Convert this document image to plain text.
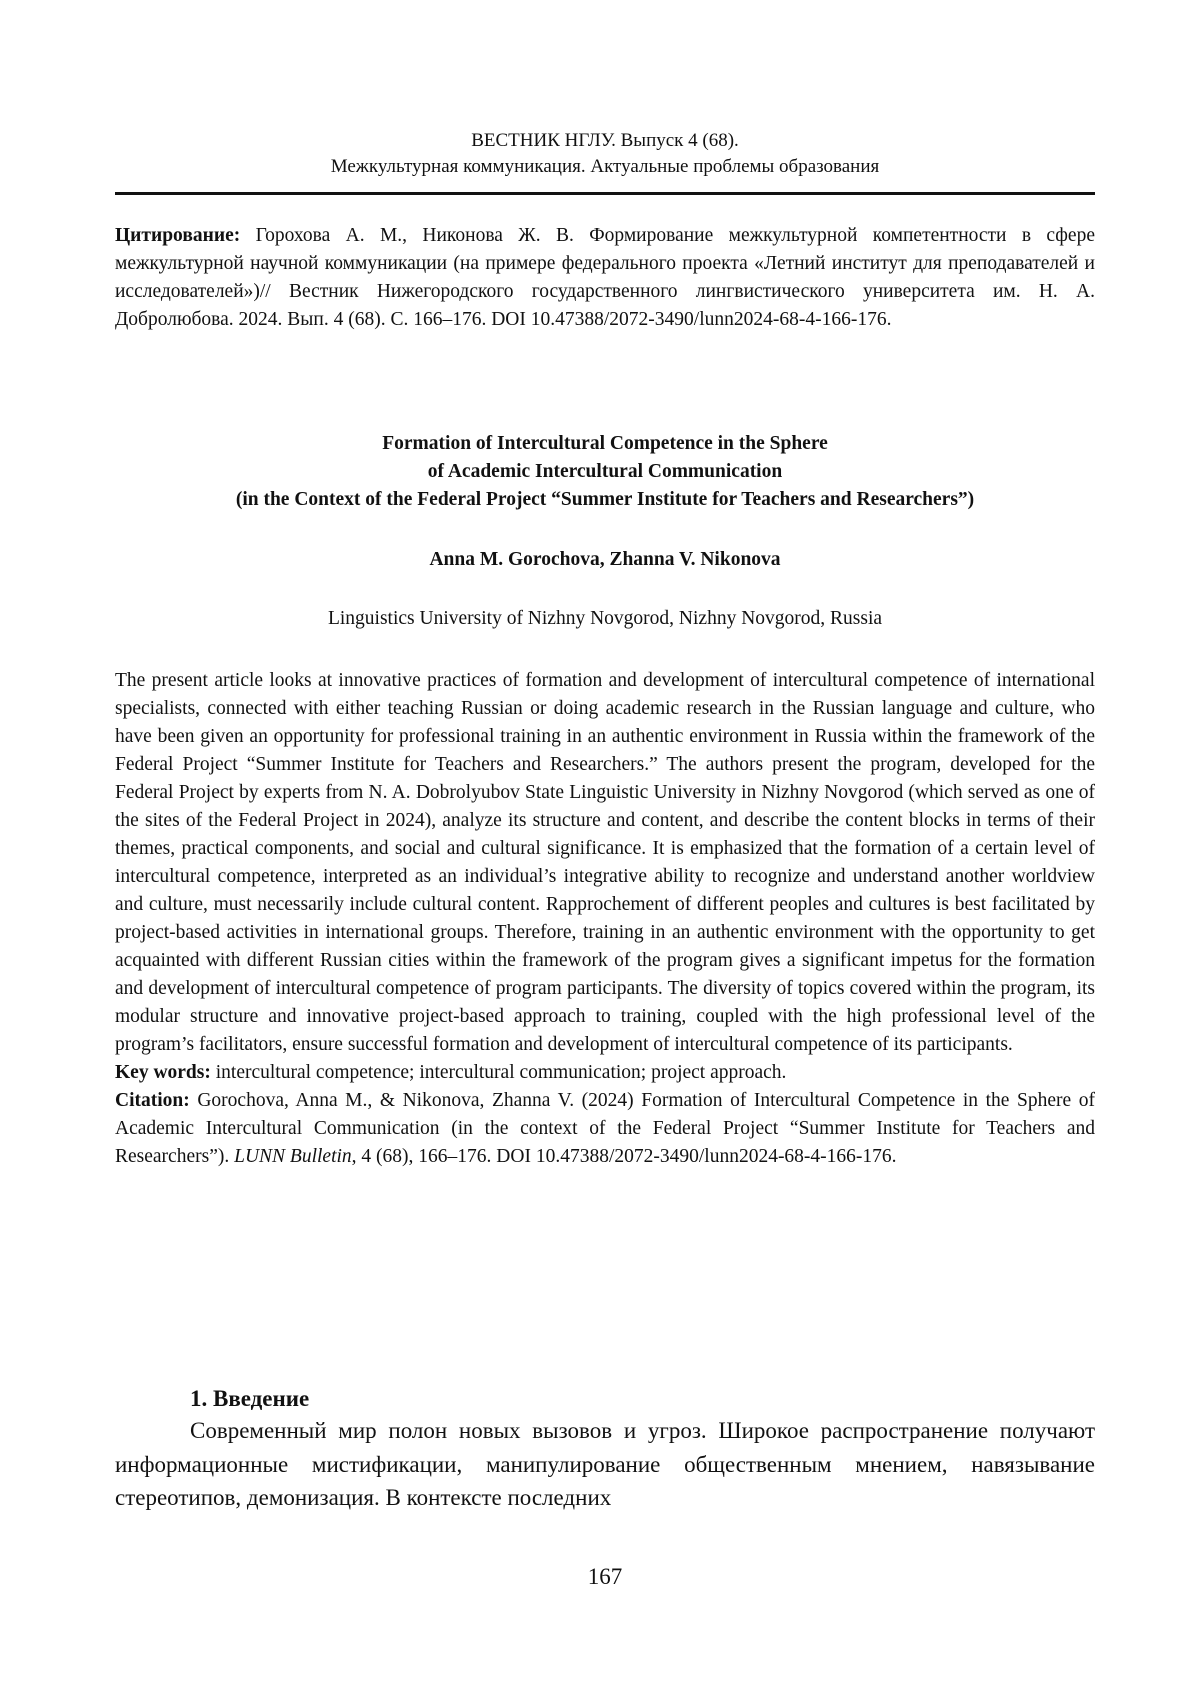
ВЕСТНИК НГЛУ. Выпуск 4 (68).
Межкультурная коммуникация. Актуальные проблемы образования
Цитирование: Горохова А. М., Никонова Ж. В. Формирование межкультурной компетентности в сфере межкультурной научной коммуникации (на примере федерального проекта «Летний институт для преподавателей и исследователей»)// Вестник Нижегородского государственного лингвистического университета им. Н. А. Добролюбова. 2024. Вып. 4 (68). С. 166–176. DOI 10.47388/2072-3490/lunn2024-68-4-166-176.
Formation of Intercultural Competence in the Sphere
of Academic Intercultural Communication
(in the Context of the Federal Project “Summer Institute for Teachers and Researchers”)
Anna M. Gorochova, Zhanna V. Nikonova
Linguistics University of Nizhny Novgorod, Nizhny Novgorod, Russia

The present article looks at innovative practices of formation and development of intercultural competence of international specialists, connected with either teaching Russian or doing academic research in the Russian language and culture, who have been given an opportunity for professional training in an authentic environment in Russia within the framework of the Federal Project “Summer Institute for Teachers and Researchers.” The authors present the program, developed for the Federal Project by experts from N. A. Dobrolyubov State Linguistic University in Nizhny Novgorod (which served as one of the sites of the Federal Project in 2024), analyze its structure and content, and describe the content blocks in terms of their themes, practical components, and social and cultural significance. It is emphasized that the formation of a certain level of intercultural competence, interpreted as an individual’s integrative ability to recognize and understand another worldview and culture, must necessarily include cultural content. Rapprochement of different peoples and cultures is best facilitated by project-based activities in international groups. Therefore, training in an authentic environment with the opportunity to get acquainted with different Russian cities within the framework of the program gives a significant impetus for the formation and development of intercultural competence of program participants. The diversity of topics covered within the program, its modular structure and innovative project-based approach to training, coupled with the high professional level of the program’s facilitators, ensure successful formation and development of intercultural competence of its participants.

Key words: intercultural competence; intercultural communication; project approach.

Citation: Gorochova, Anna M., & Nikonova, Zhanna V. (2024) Formation of Intercultural Competence in the Sphere of Academic Intercultural Communication (in the context of the Federal Project “Summer Institute for Teachers and Researchers”). LUNN Bulletin, 4 (68), 166–176. DOI 10.47388/2072-3490/lunn2024-68-4-166-176.

1. Введение
Современный мир полон новых вызовов и угроз. Широкое распространение получают информационные мистификации, манипулирование общественным мнением, навязывание стереотипов, демонизация. В контексте последних
167
